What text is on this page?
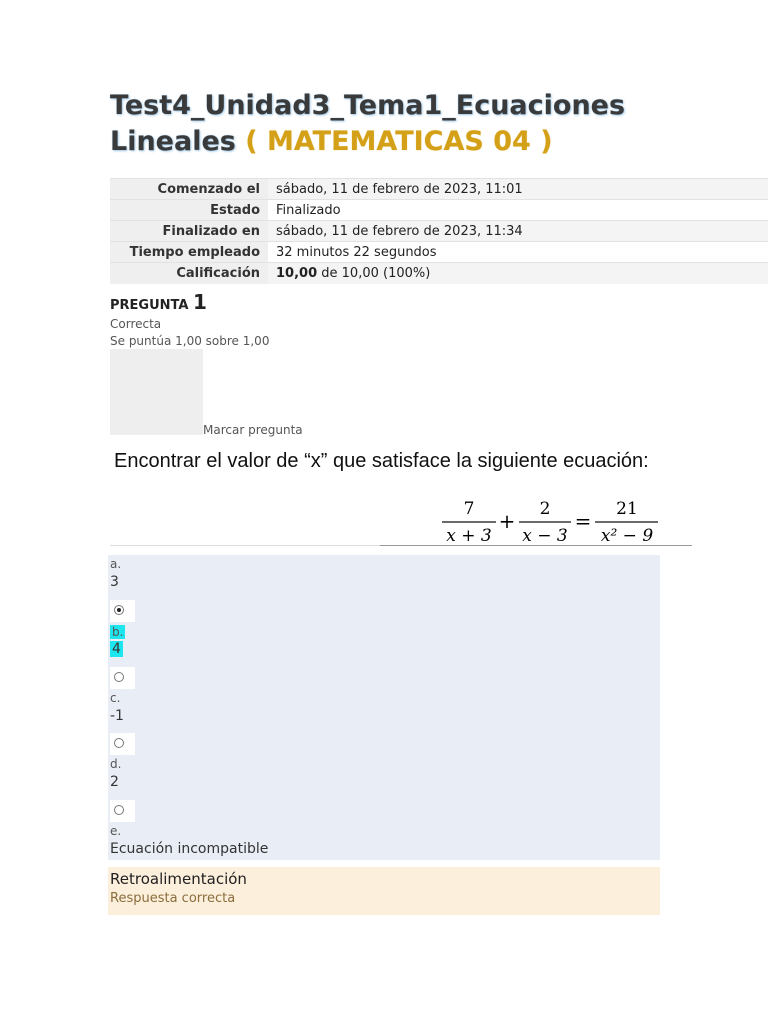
Test4_Unidad3_Tema1_Ecuaciones Lineales ( MATEMATICAS 04 )
Comenzado el	sábado, 11 de febrero de 2023, 11:01
Estado	Finalizado
Finalizado en	sábado, 11 de febrero de 2023, 11:34
Tiempo empleado	32 minutos 22 segundos
Calificación	10,00 de 10,00 (100%)
PREGUNTA 1
Correcta
Se puntúa 1,00 sobre 1,00
Marcar pregunta
Encontrar el valor de “x” que satisface la siguiente ecuación:
7
x + 3
+ 2
x − 3
= 21
x² − 9
a.
3
b.
4
c.
-1
d.
2
e.
Ecuación incompatible
Retroalimentación
Respuesta correcta
